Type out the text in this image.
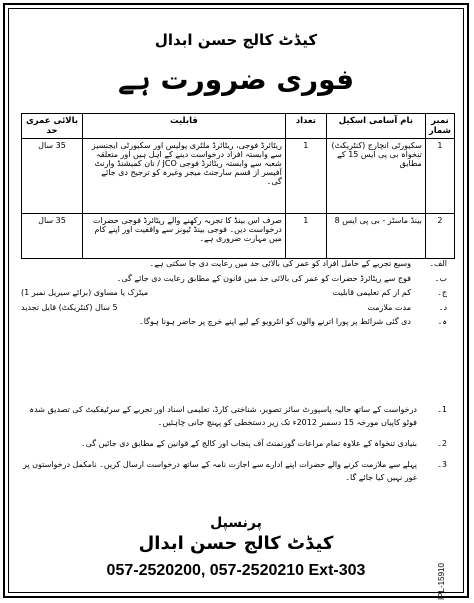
کیڈٹ کالج حسن ابدال
فوری ضرورت ہے
نمبر شمار	نام آسامی اسکیل	تعداد	قابلیت	بالائی عمری حد
1	سکیورٹی انچارج (کنٹریکٹ) تنخواہ بی پی ایس 15 کے مطابق	1	ریٹائرڈ فوجی، ریٹائرڈ ملٹری پولیس اور سکیورٹی ایجنسیز سے وابستہ افراد درخواست دینے کے اہل ہیں اور متعلقہ شعبہ سے وابستہ ریٹائرڈ فوجی JCO / نان کمیشنڈ وارنٹ آفیسر از قسم سارجنٹ میجر وغیرہ کو ترجیح دی جائے گی۔	35 سال
2	بینڈ ماسٹر - بی پی ایس 8	1	صرف اس بینڈ کا تجربہ رکھنے والے ریٹائرڈ فوجی حضرات درخواست دیں۔ فوجی بینڈ ٹیونز سے واقفیت اور اپنے کام میں مہارت ضروری ہے۔	35 سال
الف۔
وسیع تجربے کے حامل افراد کو عمر کی بالائی حد میں رعایت دی جا سکتی ہے۔
ب۔
فوج سے ریٹائرڈ حضرات کو عمر کی بالائی حد میں قانون کے مطابق رعایت دی جائے گی۔
ج۔
کم از کم تعلیمی قابلیت
میٹرک یا مساوی (برائے سیریل نمبر 1)
د۔
مدت ملازمت
5 سال (کنٹریکٹ) قابل تجدید
ہ۔
دی گئی شرائط پر پورا اترنے والوں کو انٹرویو کے لیے اپنے خرچ پر حاضر ہونا ہوگا۔
1۔
درخواست کے ساتھ حالیہ پاسپورٹ سائز تصویر، شناختی کارڈ، تعلیمی اسناد اور تجربے کے سرٹیفکیٹ کی تصدیق شدہ فوٹو کاپیاں مورخہ 15 دسمبر 2012ء تک زیر دستخطی کو پہنچ جانی چاہئیں۔
2۔
بنیادی تنخواہ کے علاوہ تمام مراعات گورنمنٹ آف پنجاب اور کالج کے قوانین کے مطابق دی جائیں گی۔
3۔
پہلے سے ملازمت کرنے والے حضرات اپنے ادارے سے اجازت نامہ کے ساتھ درخواست ارسال کریں۔ نامکمل درخواستوں پر غور نہیں کیا جائے گا۔
پرنسپل
کیڈٹ کالج حسن ابدال
057-2520200, 057-2520210 Ext-303	IPL-15910
